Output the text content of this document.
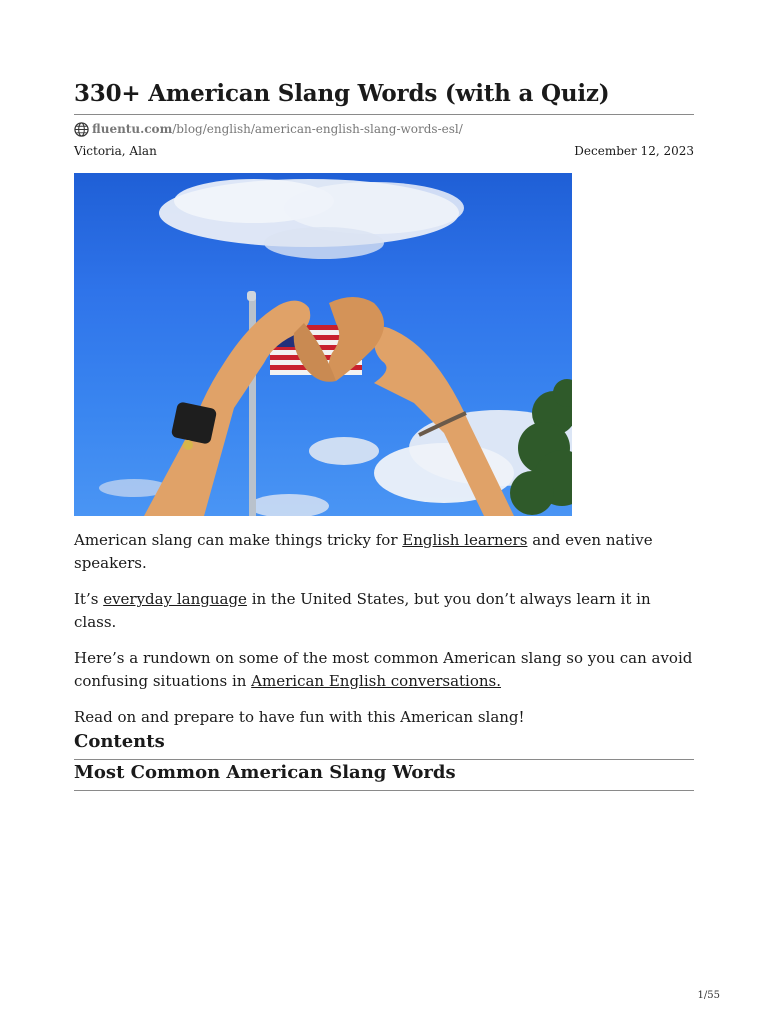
330+ American Slang Words (with a Quiz)
fluentu.com/blog/english/american-english-slang-words-esl/
Victoria, Alan	December 12, 2023

American slang can make things tricky for English learners and even native speakers.

It’s everyday language in the United States, but you don’t always learn it in class.

Here’s a rundown on some of the most common American slang so you can avoid confusing situations in American English conversations.

Read on and prepare to have fun with this American slang!

Contents
Most Common American Slang Words
1/55
